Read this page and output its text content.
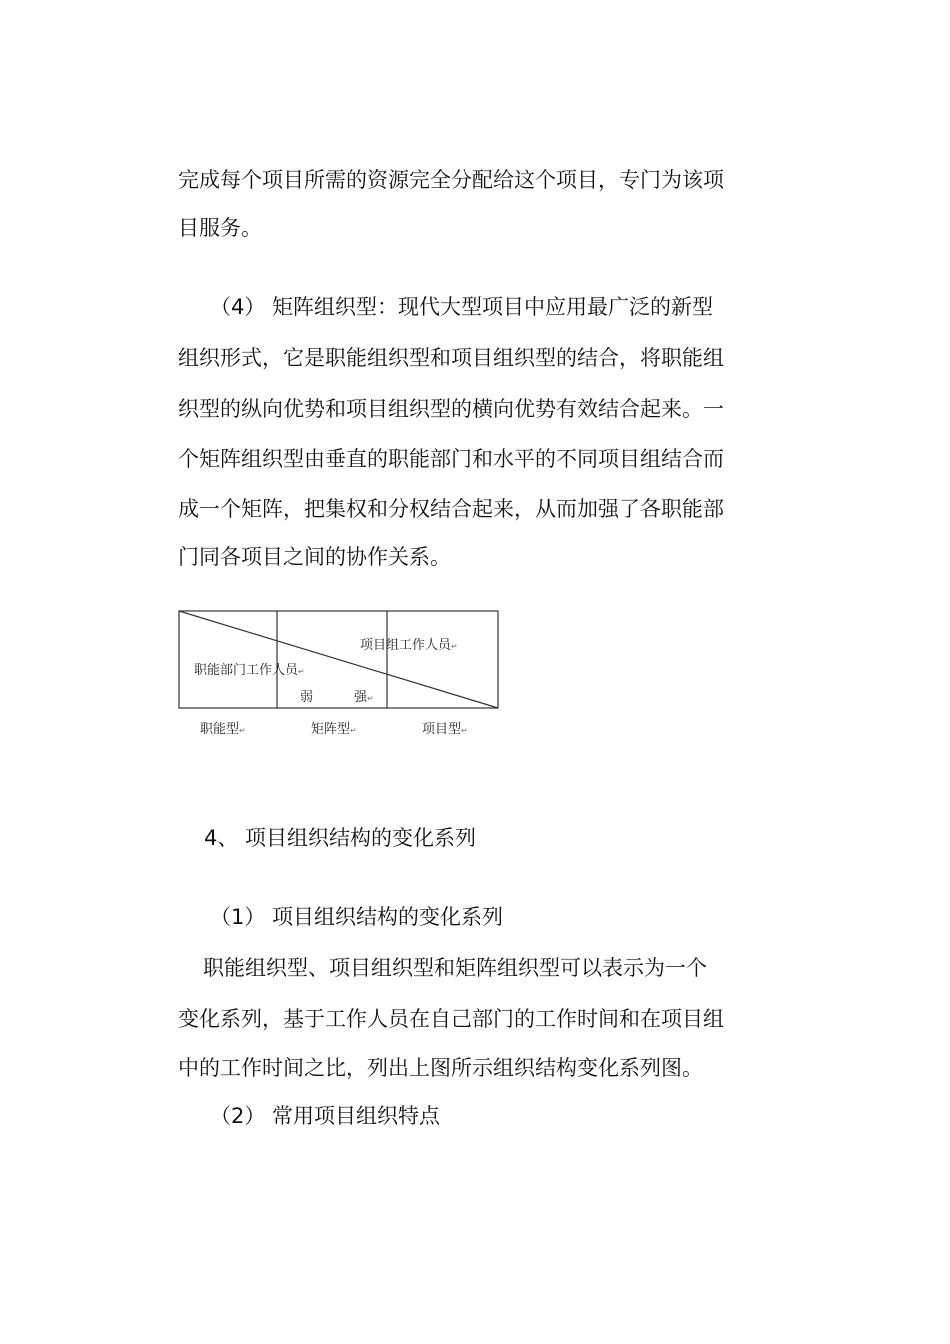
完成每个项目所需的资源完全分配给这个项目，专门为该项

目服务。

（4） 矩阵组织型：现代大型项目中应用最广泛的新型

组织形式，它是职能组织型和项目组织型的结合，将职能组

织型的纵向优势和项目组织型的横向优势有效结合起来。一

个矩阵组织型由垂直的职能部门和水平的不同项目组结合而

成一个矩阵，把集权和分权结合起来，从而加强了各职能部

门同各项目之间的协作关系。

项目组工作人员↵
职能部门工作人员↵
弱	强↵
职能型↵	矩阵型↵	项目型↵

4、 项目组织结构的变化系列

（1） 项目组织结构的变化系列

职能组织型、项目组织型和矩阵组织型可以表示为一个

变化系列，基于工作人员在自己部门的工作时间和在项目组

中的工作时间之比，列出上图所示组织结构变化系列图。

（2） 常用项目组织特点
